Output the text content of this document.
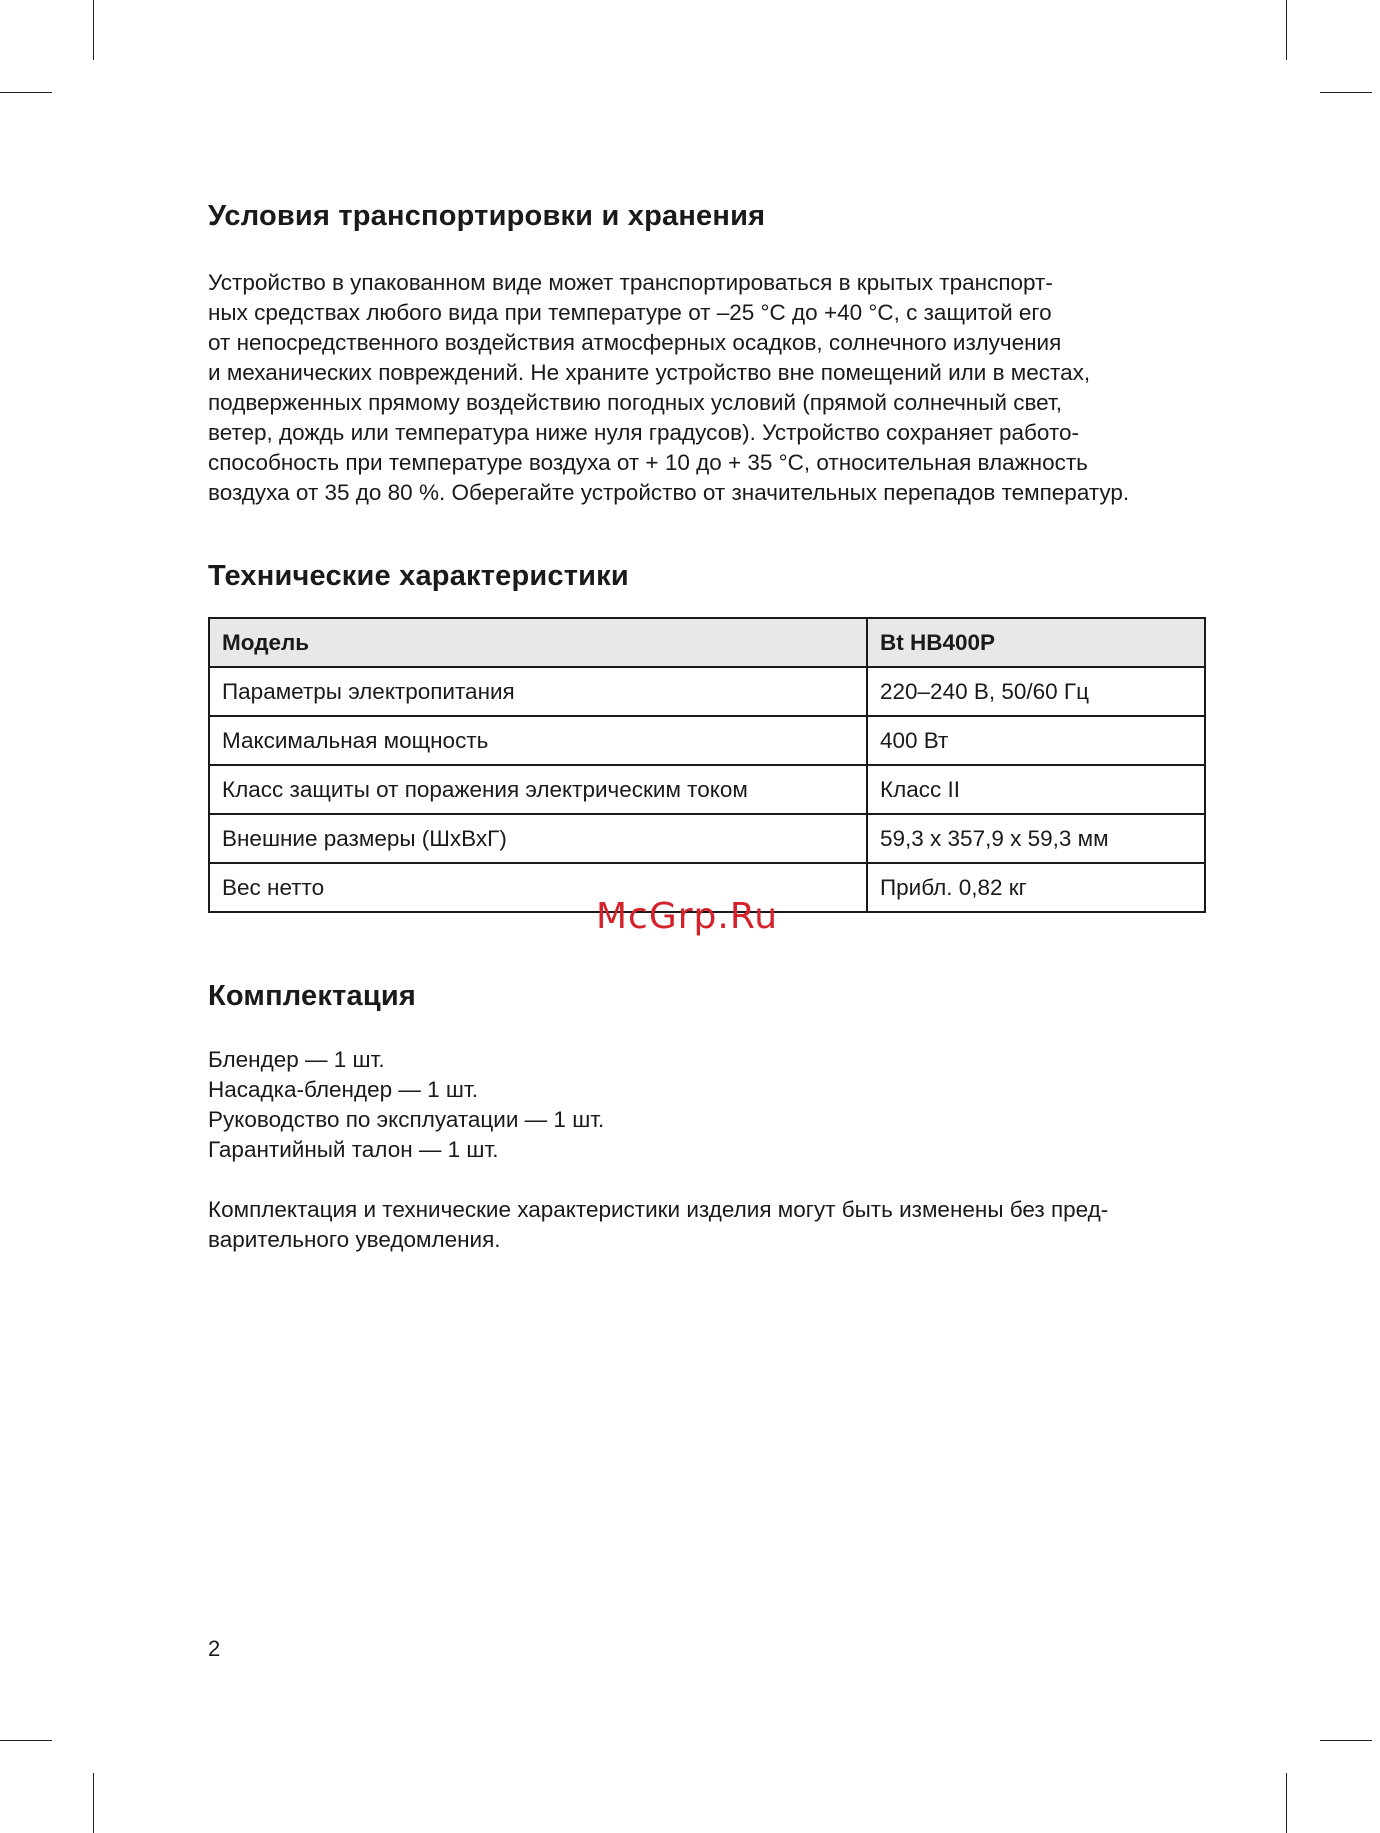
Условия транспортировки и хранения
Устройство в упакованном виде может транспортироваться в крытых транспорт-
ных средствах любого вида при температуре от –25 °C до +40 °C, с защитой его
от непосредственного воздействия атмосферных осадков, солнечного излучения
и механических повреждений. Не храните устройство вне помещений или в местах,
подверженных прямому воздействию погодных условий (прямой солнечный свет,
ветер, дождь или температура ниже нуля градусов). Устройство сохраняет работо-
способность при температуре воздуха от + 10 до + 35 °C, относительная влажность
воздуха от 35 до 80 %. Оберегайте устройство от значительных перепадов температур.
Технические характеристики
Модель	Bt HB400P
Параметры электропитания	220–240 В, 50/60 Гц
Максимальная мощность	400 Вт
Класс защиты от поражения электрическим током	Класс II
Внешние размеры (ШхВхГ)	59,3 x 357,9 x 59,3 мм
Вес нетто	Прибл. 0,82 кг
Комплектация
Блендер — 1 шт.
Насадка-блендер — 1 шт.
Руководство по эксплуатации — 1 шт.
Гарантийный талон — 1 шт.
Комплектация и технические характеристики изделия могут быть изменены без пред-
варительного уведомления.
McGrp.Ru
2
